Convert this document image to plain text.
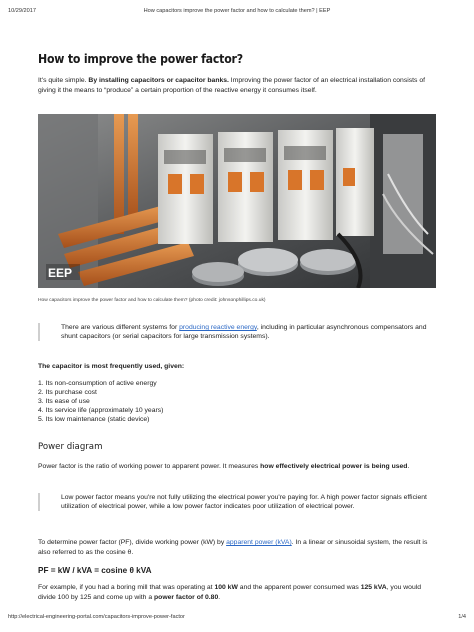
10/29/2017	How capacitors improve the power factor and how to calculate them? | EEP
How to improve the power factor?

It's quite simple. By installing capacitors or capacitor banks. Improving the power factor of an electrical installation consists of giving it the means to “produce” a certain proportion of the reactive energy it consumes itself.

EEP
How capacitors improve the power factor and how to calculate them? (photo credit: johnsonphillips.co.uk)

There are various different systems for producing reactive energy, including in particular asynchronous compensators and shunt capacitors (or serial capacitors for large transmission systems).

The capacitor is most frequently used, given:

1. Its non-consumption of active energy
2. Its purchase cost
3. Its ease of use
4. Its service life (approximately 10 years)
5. Its low maintenance (static device)
Power diagram

Power factor is the ratio of working power to apparent power. It measures how effectively electrical power is being used.

Low power factor means you're not fully utilizing the electrical power you're paying for. A high power factor signals efficient utilization of electrical power, while a low power factor indicates poor utilization of electrical power.

To determine power factor (PF), divide working power (kW) by apparent power (kVA). In a linear or sinusoidal system, the result is also referred to as the cosine θ.

PF = kW / kVA = cosine θ kVA

For example, if you had a boring mill that was operating at 100 kW and the apparent power consumed was 125 kVA, you would divide 100 by 125 and come up with a power factor of 0.80.

http://electrical-engineering-portal.com/capacitors-improve-power-factor	1/4
